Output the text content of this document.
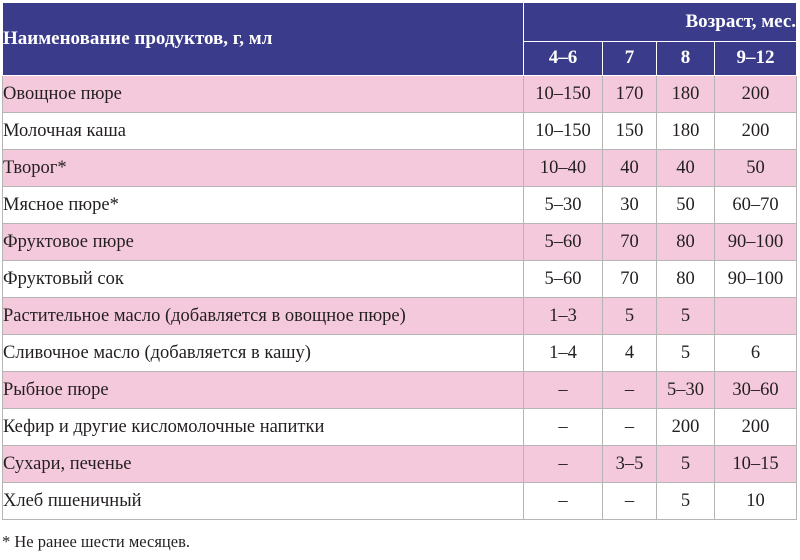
Наименование продуктов, г, мл	Возраст, мес.			
	4–6	7	8	9–12
Овощное пюре	10–150	170	180	200
Молочная каша	10–150	150	180	200
Творог*	10–40	40	40	50
Мясное пюре*	5–30	30	50	60–70
Фруктовое пюре	5–60	70	80	90–100
Фруктовый сок	5–60	70	80	90–100
Растительное масло (добавляется в овощное пюре)	1–3	5	5	
Сливочное масло (добавляется в кашу)	1–4	4	5	6
Рыбное пюре	–	–	5–30	30–60
Кефир и другие кисломолочные напитки	–	–	200	200
Сухари, печенье	–	3–5	5	10–15
Хлеб пшеничный	–	–	5	10
* Не ранее шести месяцев.
